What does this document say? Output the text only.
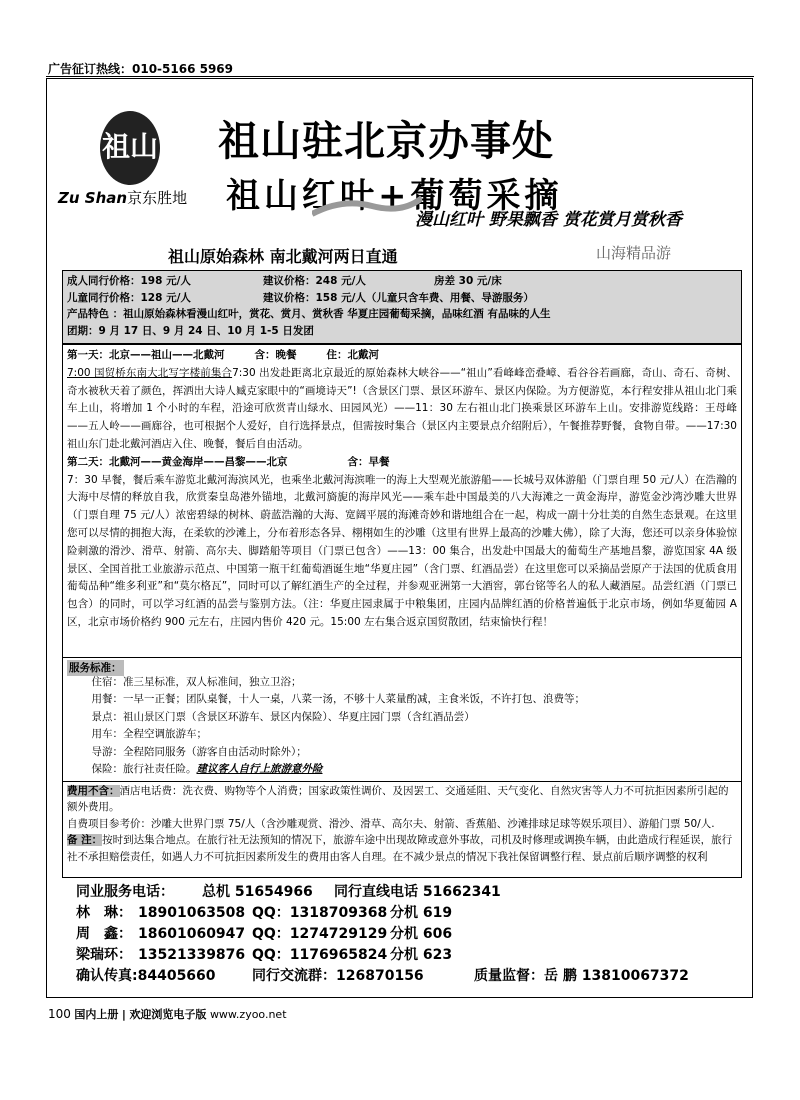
广告征订热线：010-5166 5969
祖山
Zu Shan京东胜地
祖山驻北京办事处
祖山红叶+葡萄采摘
漫山红叶 野果飘香 赏花赏月赏秋香
祖山原始森林 南北戴河两日直通	山海精品游
成人同行价格：198 元/人	建议价格：248 元/人	房差 30 元/床
儿童同行价格：128 元/人	建议价格：158 元/人（儿童只含车费、用餐、导游服务）
产品特色 ：祖山原始森林看漫山红叶，赏花、赏月、赏秋香 华夏庄园葡萄采摘，品味红酒 有品味的人生
团期：9 月 17 日、9 月 24 日、10 月 1-5 日发团
第一天：北京——祖山——北戴河	含：晚餐	住：北戴河
7:00 国贸桥东南大北写字楼前集合7:30 出发赴距离北京最近的原始森林大峡谷——“祖山”看峰峰峦叠嶂、看谷谷若画廊，奇山、奇石、奇树、奇水被秋天着了颜色，挥洒出大诗人臧克家眼中的“画境诗天”!（含景区门票、景区环游车、景区内保险。为方便游览，本行程安排从祖山北门乘车上山，将增加 1 个小时的车程，沿途可欣赏青山绿水、田园风光）——11：30 左右祖山北门换乘景区环游车上山。安排游览线路：王母峰——五人岭——画廊谷，也可根据个人爱好，自行选择景点，但需按时集合（景区内主要景点介绍附后），午餐推荐野餐，食物自带。——17:30 祖山东门赴北戴河酒店入住、晚餐，餐后自由活动。
第二天：北戴河——黄金海岸——昌黎——北京	含：早餐
7：30 早餐，餐后乘车游览北戴河海滨风光，也乘坐北戴河海滨唯一的海上大型观光旅游船——长城号双体游船（门票自理 50 元/人）在浩瀚的大海中尽情的释放自我，欣赏秦皇岛港外锚地，北戴河旖旎的海岸风光——乘车赴中国最美的八大海滩之一黄金海岸，游览金沙湾沙雕大世界（门票自理 75 元/人）浓密碧绿的树林、蔚蓝浩瀚的大海、宽阔平展的海滩奇妙和谐地组合在一起，构成一副十分壮美的自然生态景观。在这里您可以尽情的拥抱大海，在柔软的沙滩上，分布着形态各异、栩栩如生的沙雕（这里有世界上最高的沙雕大佛），除了大海，您还可以亲身体验惊险刺激的滑沙、滑草、射箭、高尔夫、脚踏船等项目（门票已包含）——13：00 集合，出发赴中国最大的葡萄生产基地昌黎，游览国家 4A 级景区、全国首批工业旅游示范点、中国第一瓶干红葡萄酒诞生地“华夏庄园”（含门票、红酒品尝）在这里您可以采摘品尝原产于法国的优质食用葡萄品种“维多利亚”和“莫尔格瓦”，同时可以了解红酒生产的全过程，并参观亚洲第一大酒窖，郭台铭等名人的私人藏酒屋。品尝红酒（门票已包含）的同时，可以学习红酒的品尝与鉴别方法。（注：华夏庄园隶属于中粮集团，庄园内品牌红酒的价格普遍低于北京市场，例如华夏葡园 A 区，北京市场价格约 900 元左右，庄园内售价 420 元。15:00 左右集合返京国贸散团，结束愉快行程！
服务标准：
住宿：准三星标准，双人标准间，独立卫浴；
用餐：一早一正餐；团队桌餐，十人一桌，八菜一汤，不够十人菜量酌减，主食米饭，不许打包、浪费等；
景点：祖山景区门票（含景区环游车、景区内保险）、华夏庄园门票（含红酒品尝）
用车：全程空调旅游车；
导游：全程陪同服务（游客自由活动时除外）；
保险：旅行社责任险。建议客人自行上旅游意外险
费用不含：酒店电话费：洗衣费、购物等个人消费；国家政策性调价、及因罢工、交通延阻、天气变化、自然灾害等人力不可抗拒因素所引起的额外费用。
自费项目参考价：沙雕大世界门票 75/人（含沙雕观赏、滑沙、滑草、高尔夫、射箭、香蕉船、沙滩排球足球等娱乐项目）、游船门票 50/人.
备 注：按时到达集合地点。在旅行社无法预知的情况下，旅游车途中出现故障或意外事故，司机及时修理或调换车辆，由此造成行程延误，旅行社不承担赔偿责任，如遇人力不可抗拒因素所发生的费用由客人自理。在不减少景点的情况下我社保留调整行程、景点前后顺序调整的权利
同业服务电话： 总机 51654966 同行直线电话 51662341
林　琳： 18901063508 QQ：1318709368 分机 619
周　鑫： 18601060947 QQ：1274729129 分机 606
梁瑞环： 13521339876 QQ：1176965824 分机 623
确认传真:84405660	同行交流群：126870156	质量监督：岳 鹏 13810067372
100 国内上册 | 欢迎浏览电子版 www.zyoo.net
